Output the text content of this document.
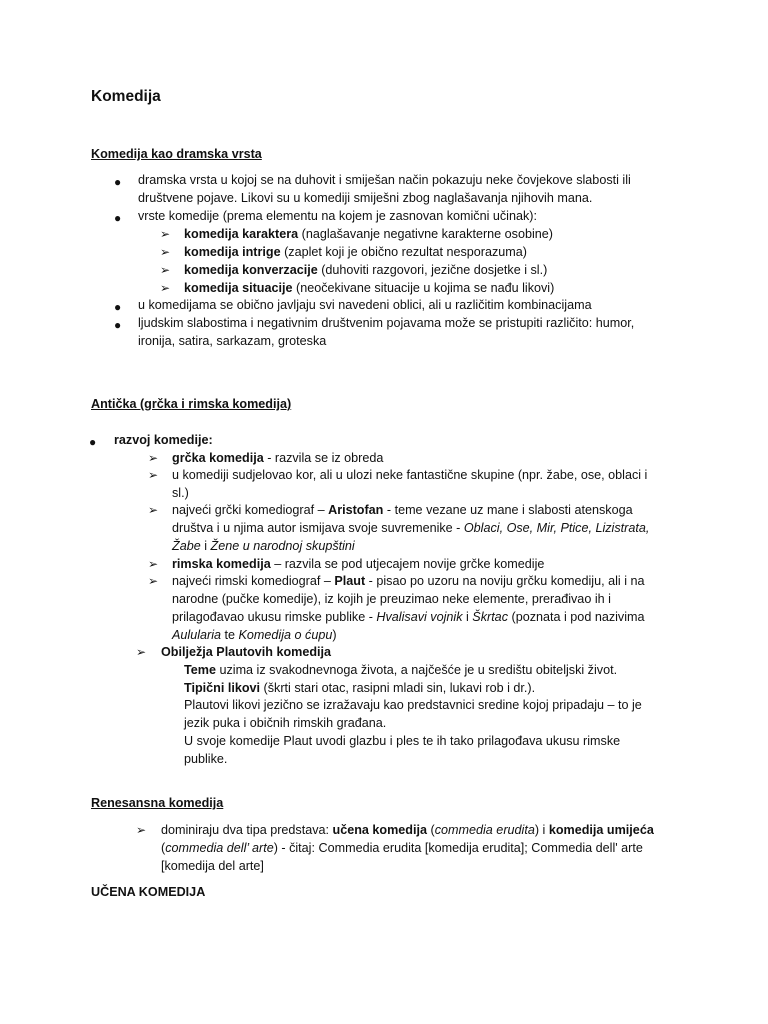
Komedija
Komedija kao dramska vrsta
● dramska vrsta u kojoj se na duhovit i smiješan način pokazuju neke čovjekove slabosti ili
društvene pojave. Likovi su u komediji smiješni zbog naglašavanja njihovih mana.
● vrste komedije (prema elementu na kojem je zasnovan komični učinak):
➢ komedija karaktera (naglašavanje negativne karakterne osobine)
➢ komedija intrige (zaplet koji je obično rezultat nesporazuma)
➢ komedija konverzacije (duhoviti razgovori, jezične dosjetke i sl.)
➢ komedija situacije (neočekivane situacije u kojima se nađu likovi)
● u komedijama se obično javljaju svi navedeni oblici, ali u različitim kombinacijama
● ljudskim slabostima i negativnim društvenim pojavama može se pristupiti različito: humor,
ironija, satira, sarkazam, groteska
Antička (grčka i rimska komedija)
● razvoj komedije:
➢ grčka komedija - razvila se iz obreda
➢ u komediji sudjelovao kor, ali u ulozi neke fantastične skupine (npr. žabe, ose, oblaci i
sl.)
➢ najveći grčki komediograf – Aristofan - teme vezane uz mane i slabosti atenskoga
društva i u njima autor ismijava svoje suvremenike - Oblaci, Ose, Mir, Ptice, Lizistrata,
Žabe i Žene u narodnoj skupštini
➢ rimska komedija – razvila se pod utjecajem novije grčke komedije
➢ najveći rimski komediograf – Plaut - pisao po uzoru na noviju grčku komediju, ali i na
narodne (pučke komedije), iz kojih je preuzimao neke elemente, prerađivao ih i
prilagođavao ukusu rimske publike - Hvalisavi vojnik i Škrtac (poznata i pod nazivima
Aulularia te Komedija o ćupu)
➢ Obilježja Plautovih komedija
Teme uzima iz svakodnevnoga života, a najčešće je u središtu obiteljski život.
Tipični likovi (škrti stari otac, rasipni mladi sin, lukavi rob i dr.).
Plautovi likovi jezično se izražavaju kao predstavnici sredine kojoj pripadaju – to je
jezik puka i običnih rimskih građana.
U svoje komedije Plaut uvodi glazbu i ples te ih tako prilagođava ukusu rimske
publike.
Renesansna komedija
➢ dominiraju dva tipa predstava: učena komedija (commedia erudita) i komedija umijeća
(commedia dell’ arte) - čitaj: Commedia erudita [komedija erudita]; Commedia dell' arte
[komedija del arte]
UČENA KOMEDIJA
